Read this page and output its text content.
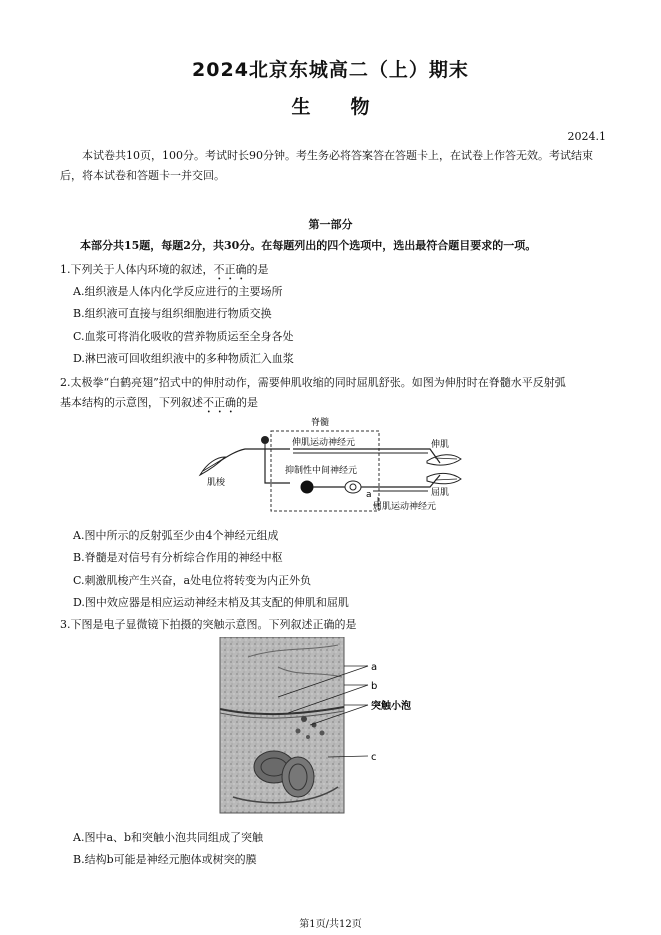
2024北京东城高二（上）期末
生物
2024.1
本试卷共10页，100分。考试时长90分钟。考生务必将答案答在答题卡上，在试卷上作答无效。考试结束后，将本试卷和答题卡一并交回。
第一部分
本部分共15题，每题2分，共30分。在每题列出的四个选项中，选出最符合题目要求的一项。
1.下列关于人体内环境的叙述，不正确的是
A.组织液是人体内化学反应进行的主要场所
B.组织液可直接与组织细胞进行物质交换
C.血浆可将消化吸收的营养物质运至全身各处
D.淋巴液可回收组织液中的多种物质汇入血浆
2.太极拳“白鹤亮翅”招式中的伸肘动作，需要伸肌收缩的同时屈肌舒张。如图为伸肘时在脊髓水平反射弧
基本结构的示意图，下列叙述不正确的是
脊髓
肌梭
伸肌运动神经元
抑制性中间神经元
a
屈肌运动神经元
伸肌
屈肌
A.图中所示的反射弧至少由4个神经元组成
B.脊髓是对信号有分析综合作用的神经中枢
C.刺激肌梭产生兴奋，a处电位将转变为内正外负
D.图中效应器是相应运动神经末梢及其支配的伸肌和屈肌
3.下图是电子显微镜下拍摄的突触示意图。下列叙述正确的是
a
b
突触小泡
c
A.图中a、b和突触小泡共同组成了突触
B.结构b可能是神经元胞体或树突的膜
第1页/共12页
